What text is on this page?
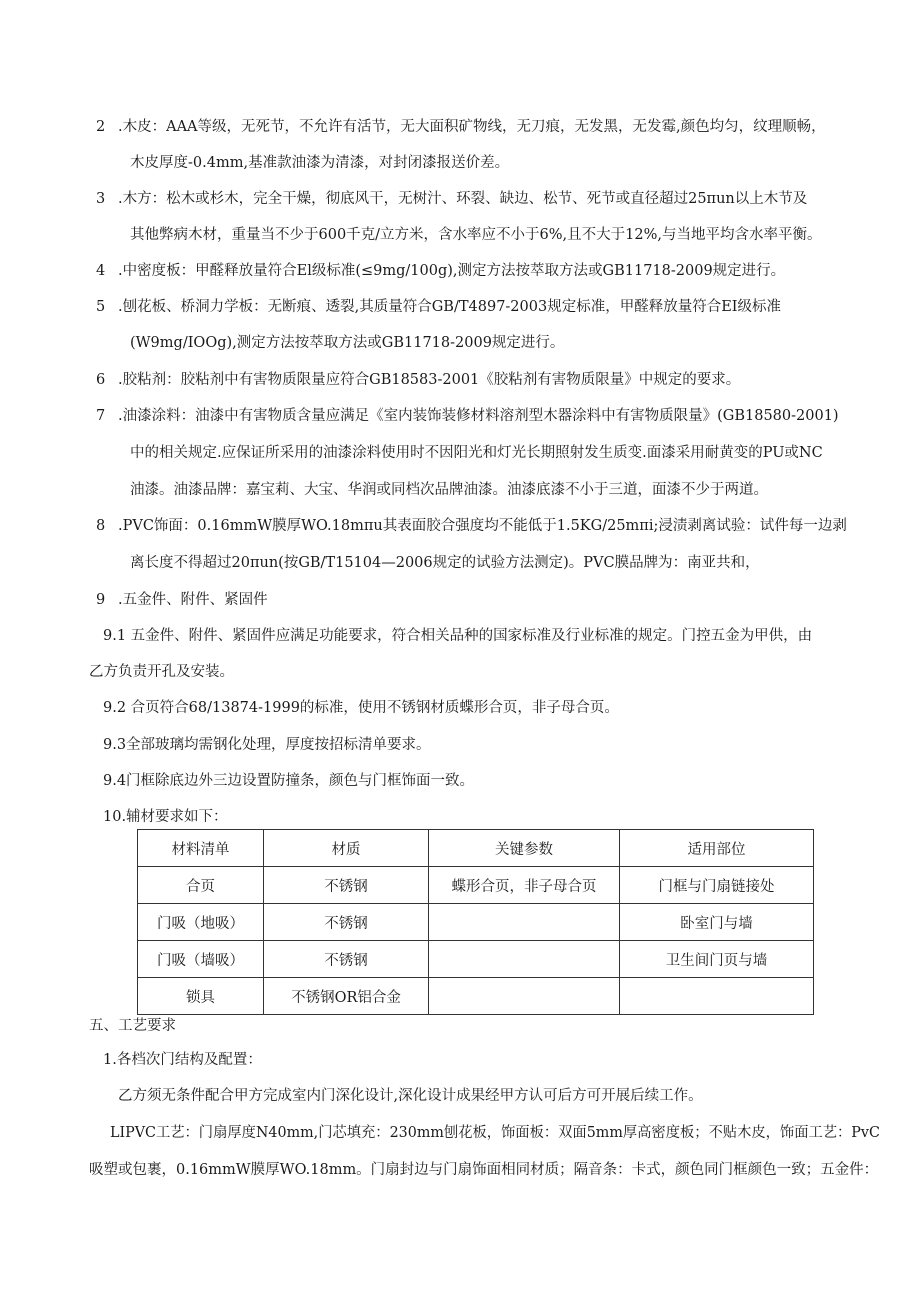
2 .木皮：AAA等级，无死节，不允许有活节，无大面积矿物线，无刀痕，无发黑，无发霉,颜色均匀，纹理顺畅，
木皮厚度-0.4mm,基准款油漆为清漆，对封闭漆报送价差。
3 .木方：松木或杉木，完全干燥，彻底风干，无树汁、环裂、缺边、松节、死节或直径超过25πun以上木节及
其他弊病木材，重量当不少于600千克/立方米，含水率应不小于6%,且不大于12%,与当地平均含水率平衡。
4 .中密度板：甲醛释放量符合El级标准(≤9mg/100g),测定方法按萃取方法或GB11718-2009规定进行。
5 .刨花板、桥洞力学板：无断痕、透裂,其质量符合GB/T4897-2003规定标准，甲醛释放量符合EI级标准
(W9mg/IOOg),测定方法按萃取方法或GB11718-2009规定进行。
6 .胶粘剂：胶粘剂中有害物质限量应符合GB18583-2001《胶粘剂有害物质限量》中规定的要求。
7 .油漆涂料：油漆中有害物质含量应满足《室内装饰装修材料溶剂型木器涂料中有害物质限量》(GB18580-2001)
中的相关规定.应保证所采用的油漆涂料使用时不因阳光和灯光长期照射发生质变.面漆采用耐黄变的PU或NC
油漆。油漆品牌：嘉宝莉、大宝、华润或同档次品牌油漆。油漆底漆不小于三道，面漆不少于两道。
8 .PVC饰面：0.16mmW膜厚WO.18mπu其表面胶合强度均不能低于1.5KG/25mπi;浸渍剥离试验：试件每一边剥
离长度不得超过20πun(按GB/T15104—2006规定的试验方法测定)。PVC膜品牌为：南亚共和，
9 .五金件、附件、紧固件
9.1 五金件、附件、紧固件应满足功能要求，符合相关品种的国家标准及行业标准的规定。门控五金为甲供，由
乙方负责开孔及安装。
9.2 合页符合68/13874-1999的标准，使用不锈钢材质蝶形合页，非子母合页。
9.3全部玻璃均需钢化处理，厚度按招标清单要求。
9.4门框除底边外三边设置防撞条，颜色与门框饰面一致。
10.辅材要求如下：
材料清单	材质	关键参数	适用部位
合页	不锈钢	蝶形合页，非子母合页	门框与门扇链接处
门吸（地吸）	不锈钢		卧室门与墙
门吸（墙吸）	不锈钢		卫生间门页与墙
锁具	不锈钢OR铝合金		
五、工艺要求
1.各档次门结构及配置：
乙方须无条件配合甲方完成室内门深化设计,深化设计成果经甲方认可后方可开展后续工作。
LIPVC工艺：门扇厚度N40mm,门芯填充：230mm刨花板，饰面板：双面5mm厚高密度板；不贴木皮，饰面工艺：PvC
吸塑或包裹，0.16mmW膜厚WO.18mm。门扇封边与门扇饰面相同材质；隔音条：卡式，颜色同门框颜色一致；五金件：
